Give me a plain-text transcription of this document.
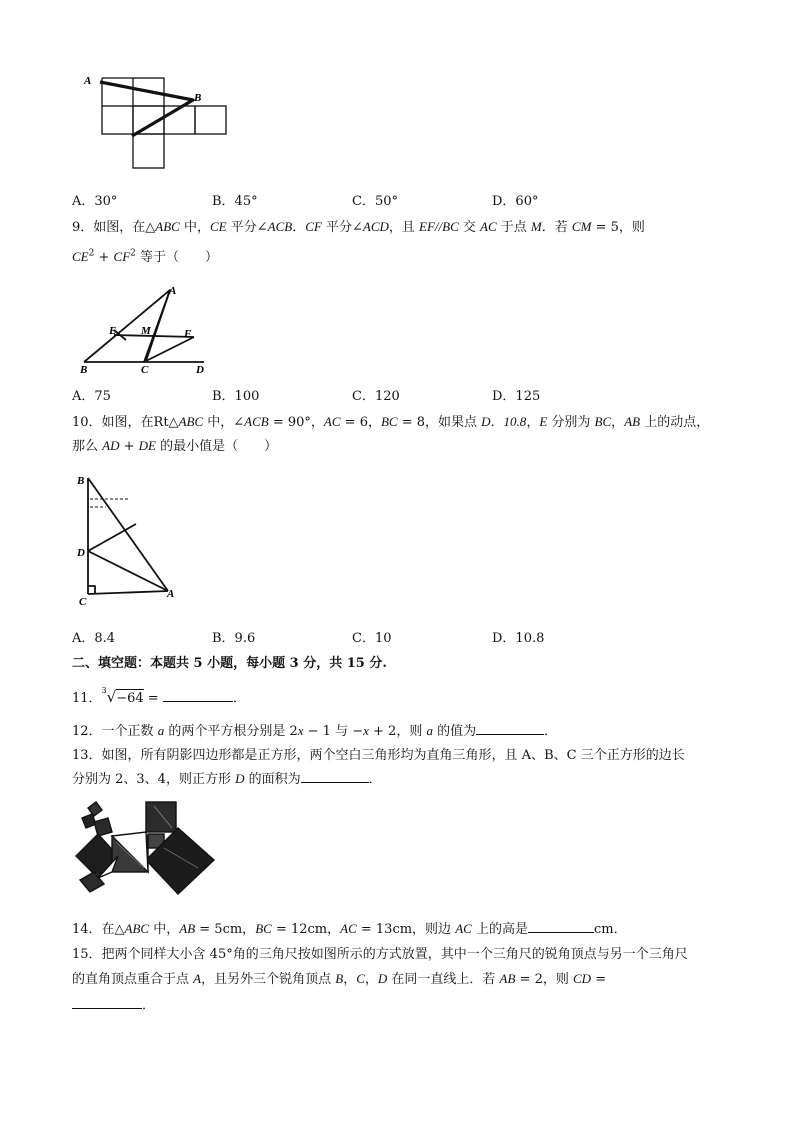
A
B
A．30°	B．45°	C．50°	D．60°
9．如图，在△ABC 中，CE 平分∠ACB．CF 平分∠ACD，且 EF//BC 交 AC 于点 M．若 CM = 5，则
$CE^2 + CF^2$ 等于（　　）
A
E M	F
B	C	D
A．75	B．100	C．120	D．125
10．如图，在Rt△ABC 中，∠ACB = 90°，AC = 6，BC = 8，如果点 D．10.8，E 分别为 BC，AB 上的动点，
那么 AD + DE 的最小值是（　　）
B
D
C
A
A．8.4	B．9.6	C．10	D．10.8
二、填空题：本题共 5 小题，每小题 3 分，共 15 分.
11．$^3$√−64 =	．
12．一个正数 a 的两个平方根分别是 2x − 1 与 −x + 2，则 a 的值为	．
13．如图，所有阴影四边形都是正方形，两个空白三角形均为直角三角形，且 A、B、C 三个正方形的边长
分别为 2、3、4，则正方形 D 的面积为	．
14．在△ABC 中，AB = 5cm，BC = 12cm，AC = 13cm，则边 AC 上的高是	cm．
15．把两个同样大小含 45°角的三角尺按如图所示的方式放置，其中一个三角尺的锐角顶点与另一个三角尺
的直角顶点重合于点 A，且另外三个锐角顶点 B，C，D 在同一直线上．若 AB = 2，则 CD =
．
